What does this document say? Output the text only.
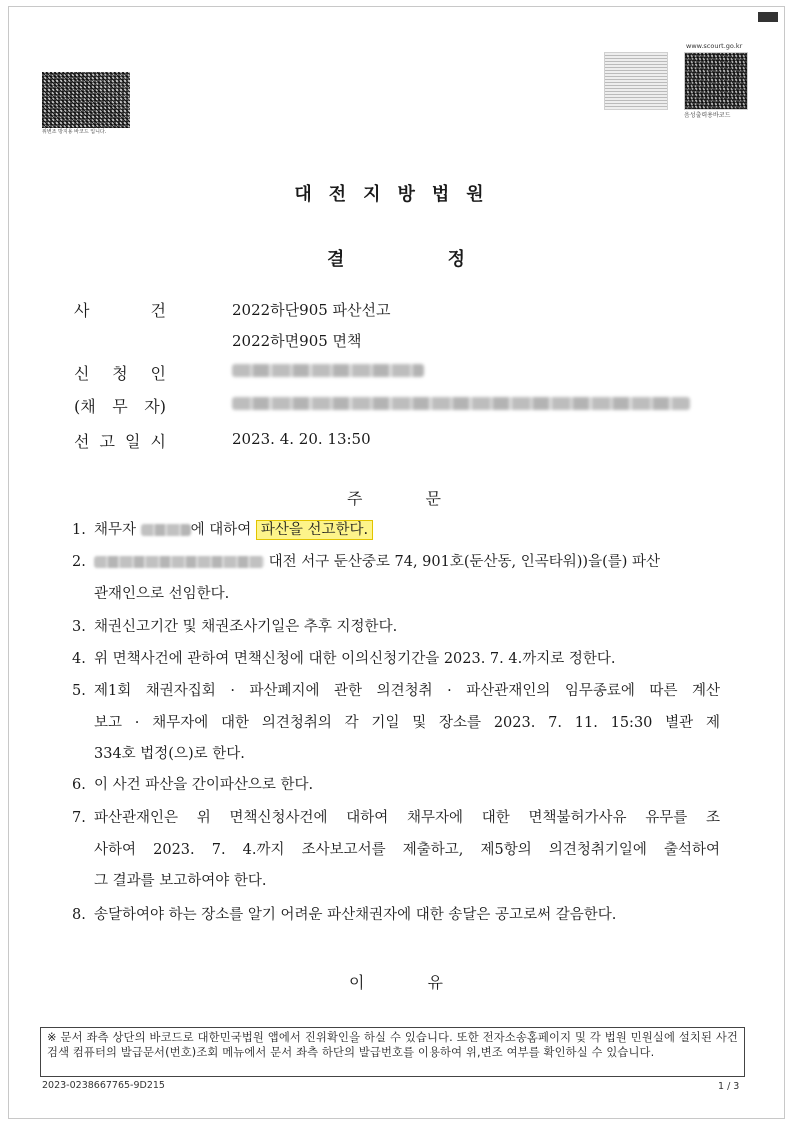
위변조 방지용 바코드 입니다.
www.scourt.go.kr
음성출력용바코드
대전지방법원
결	정
사	건	2022하단905 파산선고
2022하면905 면책
신 청 인
(채 무 자)
선 고 일 시	2023. 4. 20. 13:50
주	문
1. 채무자	에 대하여 파산을 선고한다.
2.	대전 서구 둔산중로 74, 901호(둔산동, 인곡타워))을(를) 파산
관재인으로 선임한다.
3. 채권신고기간 및 채권조사기일은 추후 지정한다.
4. 위 면책사건에 관하여 면책신청에 대한 이의신청기간을 2023. 7. 4.까지로 정한다.
5. 제1회 채권자집회 · 파산폐지에 관한 의견청취 · 파산관재인의 임무종료에 따른 계산
보고 · 채무자에 대한 의견청취의 각 기일 및 장소를 2023. 7. 11. 15:30 별관 제
334호 법정(으)로 한다.
6. 이 사건 파산을 간이파산으로 한다.
7. 파산관재인은 위 면책신청사건에 대하여 채무자에 대한 면책불허가사유 유무를 조
사하여 2023. 7. 4.까지 조사보고서를 제출하고, 제5항의 의견청취기일에 출석하여
그 결과를 보고하여야 한다.
8. 송달하여야 하는 장소를 알기 어려운 파산채권자에 대한 송달은 공고로써 갈음한다.
이	유
※ 문서 좌측 상단의 바코드로 대한민국법원 앱에서 진위확인을 하실 수 있습니다. 또한 전자소송홈페이지 및 각 법원 민원실에 설치된 사건검색 컴퓨터의 발급문서(번호)조회 메뉴에서 문서 좌측 하단의 발급번호를 이용하여 위,변조 여부를 확인하실 수 있습니다.
2023-0238667765-9D215	1 / 3
